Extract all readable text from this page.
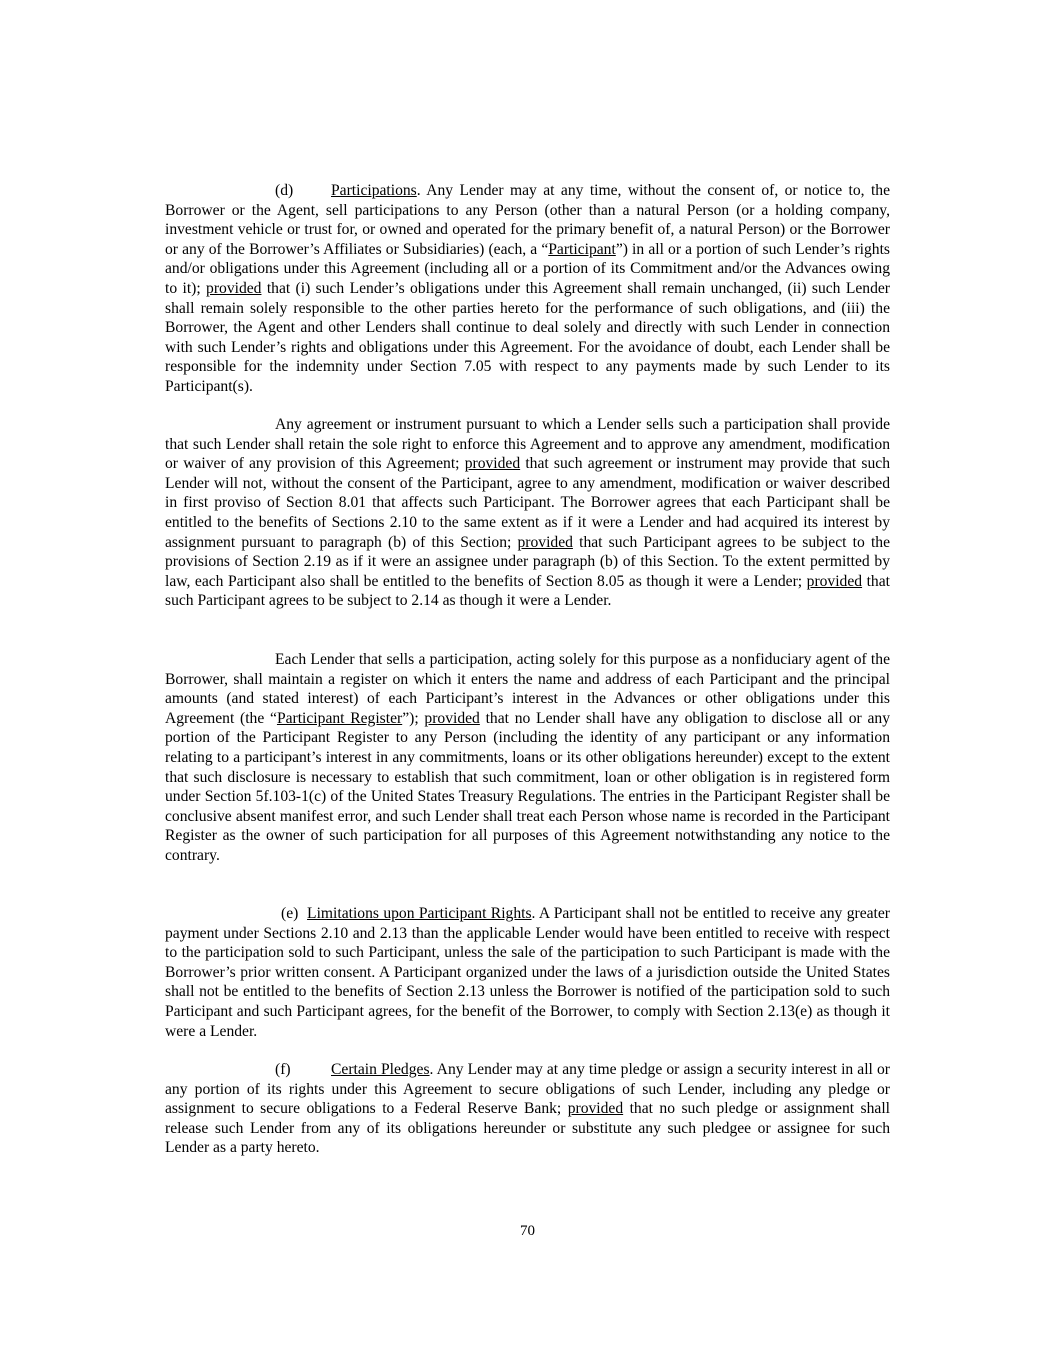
(d) Participations. Any Lender may at any time, without the consent of, or notice to, the Borrower or the Agent, sell participations to any Person (other than a natural Person (or a holding company, investment vehicle or trust for, or owned and operated for the primary benefit of, a natural Person) or the Borrower or any of the Borrower’s Affiliates or Subsidiaries) (each, a “Participant”) in all or a portion of such Lender’s rights and/or obligations under this Agreement (including all or a portion of its Commitment and/or the Advances owing to it); provided that (i) such Lender’s obligations under this Agreement shall remain unchanged, (ii) such Lender shall remain solely responsible to the other parties hereto for the performance of such obligations, and (iii) the Borrower, the Agent and other Lenders shall continue to deal solely and directly with such Lender in connection with such Lender’s rights and obligations under this Agreement. For the avoidance of doubt, each Lender shall be responsible for the indemnity under Section 7.05 with respect to any payments made by such Lender to its Participant(s).

Any agreement or instrument pursuant to which a Lender sells such a participation shall provide that such Lender shall retain the sole right to enforce this Agreement and to approve any amendment, modification or waiver of any provision of this Agreement; provided that such agreement or instrument may provide that such Lender will not, without the consent of the Participant, agree to any amendment, modification or waiver described in first proviso of Section 8.01 that affects such Participant. The Borrower agrees that each Participant shall be entitled to the benefits of Sections 2.10 to the same extent as if it were a Lender and had acquired its interest by assignment pursuant to paragraph (b) of this Section; provided that such Participant agrees to be subject to the provisions of Section 2.19 as if it were an assignee under paragraph (b) of this Section. To the extent permitted by law, each Participant also shall be entitled to the benefits of Section 8.05 as though it were a Lender; provided that such Participant agrees to be subject to 2.14 as though it were a Lender.

Each Lender that sells a participation, acting solely for this purpose as a nonfiduciary agent of the Borrower, shall maintain a register on which it enters the name and address of each Participant and the principal amounts (and stated interest) of each Participant’s interest in the Advances or other obligations under this Agreement (the “Participant Register”); provided that no Lender shall have any obligation to disclose all or any portion of the Participant Register to any Person (including the identity of any participant or any information relating to a participant’s interest in any commitments, loans or its other obligations hereunder) except to the extent that such disclosure is necessary to establish that such commitment, loan or other obligation is in registered form under Section 5f.103-1(c) of the United States Treasury Regulations. The entries in the Participant Register shall be conclusive absent manifest error, and such Lender shall treat each Person whose name is recorded in the Participant Register as the owner of such participation for all purposes of this Agreement notwithstanding any notice to the contrary.

(e) Limitations upon Participant Rights. A Participant shall not be entitled to receive any greater payment under Sections 2.10 and 2.13 than the applicable Lender would have been entitled to receive with respect to the participation sold to such Participant, unless the sale of the participation to such Participant is made with the Borrower’s prior written consent. A Participant organized under the laws of a jurisdiction outside the United States shall not be entitled to the benefits of Section 2.13 unless the Borrower is notified of the participation sold to such Participant and such Participant agrees, for the benefit of the Borrower, to comply with Section 2.13(e) as though it were a Lender.

(f)	Certain Pledges. Any Lender may at any time pledge or assign a security interest in all or any portion of its rights under this Agreement to secure obligations of such Lender, including any pledge or assignment to secure obligations to a Federal Reserve Bank; provided that no such pledge or assignment shall release such Lender from any of its obligations hereunder or substitute any such pledgee or assignee for such Lender as a party hereto.

70
